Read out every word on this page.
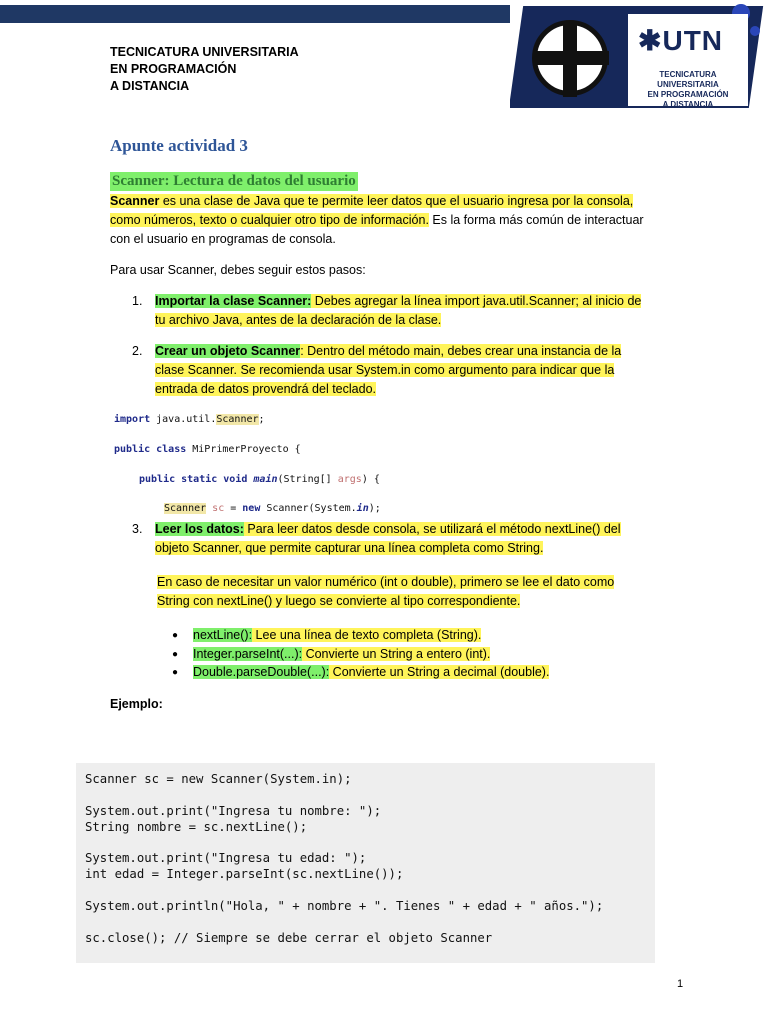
✱UTN
TECNICATURA UNIVERSITARIA
EN PROGRAMACIÓN
A DISTANCIA
TECNICATURA UNIVERSITARIA
EN PROGRAMACIÓN
A DISTANCIA
Apunte actividad 3
Scanner: Lectura de datos del usuario
Scanner es una clase de Java que te permite leer datos que el usuario ingresa por la consola, como números, texto o cualquier otro tipo de información. Es la forma más común de interactuar con el usuario en programas de consola.
Para usar Scanner, debes seguir estos pasos:
1. Importar la clase Scanner: Debes agregar la línea import java.util.Scanner; al inicio de tu archivo Java, antes de la declaración de la clase.
2. Crear un objeto Scanner: Dentro del método main, debes crear una instancia de la clase Scanner. Se recomienda usar System.in como argumento para indicar que la entrada de datos provendrá del teclado.
import java.util.Scanner;
public class MiPrimerProyecto {
public static void main(String[] args) {
Scanner sc = new Scanner(System.in);
3. Leer los datos: Para leer datos desde consola, se utilizará el método nextLine() del objeto Scanner, que permite capturar una línea completa como String.
En caso de necesitar un valor numérico (int o double), primero se lee el dato como String con nextLine() y luego se convierte al tipo correspondiente.
● nextLine(): Lee una línea de texto completa (String).
● Integer.parseInt(...): Convierte un String a entero (int).
● Double.parseDouble(...): Convierte un String a decimal (double).
Ejemplo:
Scanner sc = new Scanner(System.in);
System.out.print("Ingresa tu nombre: ");
String nombre = sc.nextLine();
System.out.print("Ingresa tu edad: ");
int edad = Integer.parseInt(sc.nextLine());
System.out.println("Hola, " + nombre + ". Tienes " + edad + " años.");
sc.close(); // Siempre se debe cerrar el objeto Scanner
1
